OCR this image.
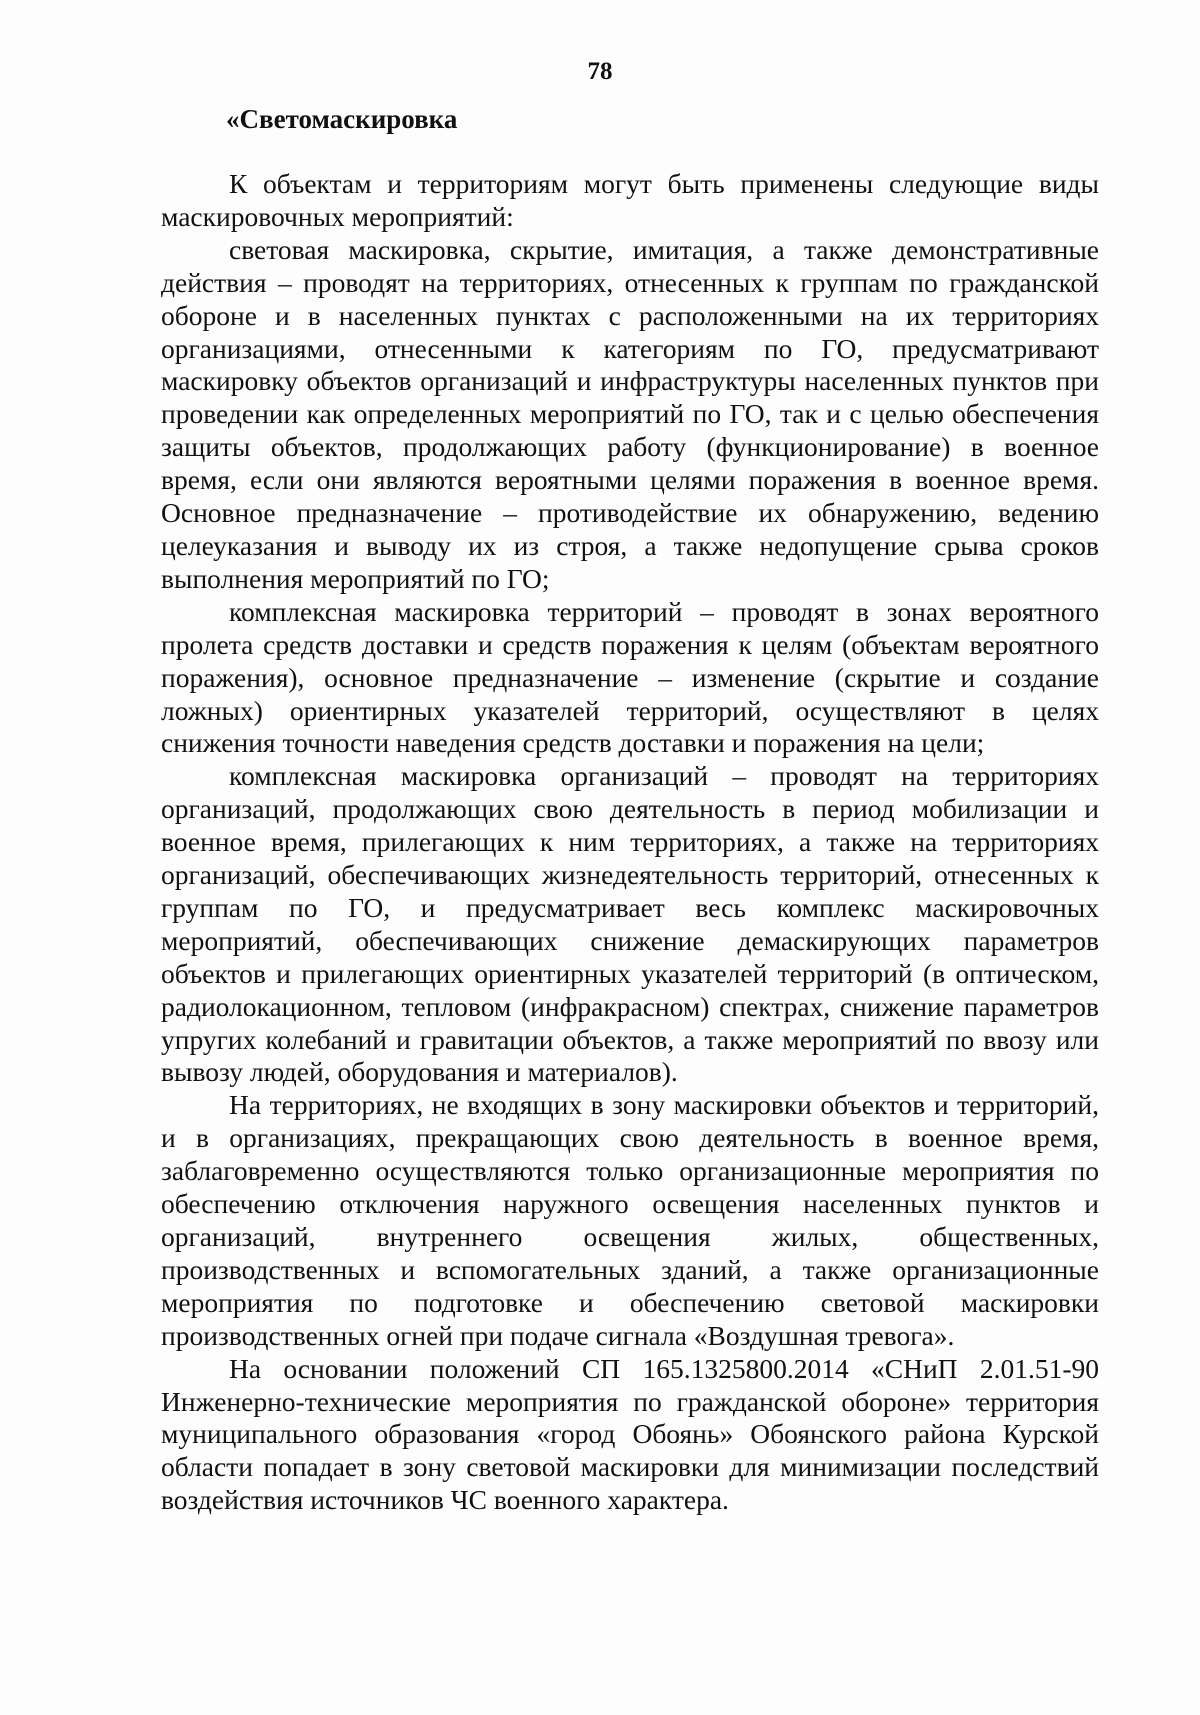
78
«Светомаскировка

К объектам и территориям могут быть применены следующие виды маскировочных мероприятий:

световая маскировка, скрытие, имитация, а также демонстративные действия – проводят на территориях, отнесенных к группам по гражданской обороне и в населенных пунктах с расположенными на их территориях организациями, отнесенными к категориям по ГО, предусматривают маскировку объектов организаций и инфраструктуры населенных пунктов при проведении как определенных мероприятий по ГО, так и с целью обеспечения защиты объектов, продолжающих работу (функционирование) в военное время, если они являются вероятными целями поражения в военное время. Основное предназначение – противодействие их обнаружению, ведению целеуказания и выводу их из строя, а также недопущение срыва сроков выполнения мероприятий по ГО;

комплексная маскировка территорий – проводят в зонах вероятного пролета средств доставки и средств поражения к целям (объектам вероятного поражения), основное предназначение – изменение (скрытие и создание ложных) ориентирных указателей территорий, осуществляют в целях снижения точности наведения средств доставки и поражения на цели;

комплексная маскировка организаций – проводят на территориях организаций, продолжающих свою деятельность в период мобилизации и военное время, прилегающих к ним территориях, а также на территориях организаций, обеспечивающих жизнедеятельность территорий, отнесенных к группам по ГО, и предусматривает весь комплекс маскировочных мероприятий, обеспечивающих снижение демаскирующих параметров объектов и прилегающих ориентирных указателей территорий (в оптическом, радиолокационном, тепловом (инфракрасном) спектрах, снижение параметров упругих колебаний и гравитации объектов, а также мероприятий по ввозу или вывозу людей, оборудования и материалов).

На территориях, не входящих в зону маскировки объектов и территорий, и в организациях, прекращающих свою деятельность в военное время, заблаговременно осуществляются только организационные мероприятия по обеспечению отключения наружного освещения населенных пунктов и организаций, внутреннего освещения жилых, общественных, производственных и вспомогательных зданий, а также организационные мероприятия по подготовке и обеспечению световой маскировки производственных огней при подаче сигнала «Воздушная тревога».

На основании положений СП 165.1325800.2014 «СНиП 2.01.51-90 Инженерно-технические мероприятия по гражданской обороне» территория муниципального образования «город Обоянь» Обоянского района Курской области попадает в зону световой маскировки для минимизации последствий воздействия источников ЧС военного характера.
